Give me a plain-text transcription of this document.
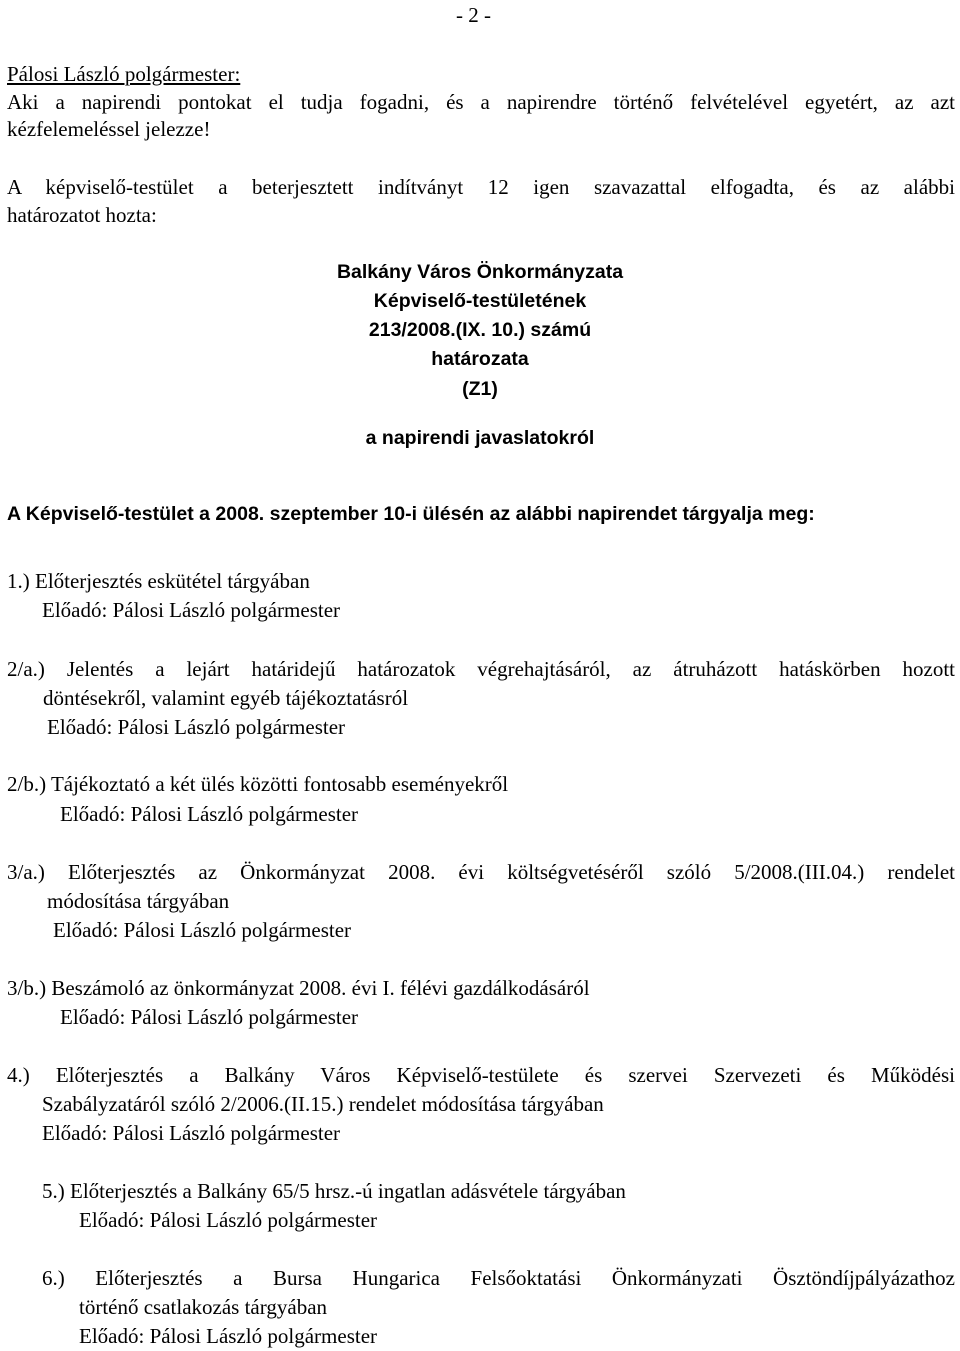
- 2 -
Pálosi László polgármester:
Aki a napirendi pontokat el tudja fogadni, és a napirendre történő felvételével egyetért, az azt
kézfelemeléssel jelezze!
A képviselő-testület a beterjesztett indítványt 12 igen szavazattal elfogadta, és az alábbi
határozatot hozta:
Balkány Város Önkormányzata
Képviselő-testületének
213/2008.(IX. 10.) számú
határozata
(Z1)
a napirendi javaslatokról
A Képviselő-testület a 2008. szeptember 10-i ülésén az alábbi napirendet tárgyalja meg:
1.) Előterjesztés eskütétel tárgyában
Előadó: Pálosi László polgármester
2/a.) Jelentés a lejárt határidejű határozatok végrehajtásáról, az átruházott hatáskörben hozott
döntésekről, valamint egyéb tájékoztatásról
Előadó: Pálosi László polgármester
2/b.) Tájékoztató a két ülés közötti fontosabb eseményekről
Előadó: Pálosi László polgármester
3/a.) Előterjesztés az Önkormányzat 2008. évi költségvetéséről szóló 5/2008.(III.04.) rendelet
módosítása tárgyában
Előadó: Pálosi László polgármester
3/b.) Beszámoló az önkormányzat 2008. évi I. félévi gazdálkodásáról
Előadó: Pálosi László polgármester
4.) Előterjesztés a Balkány Város Képviselő-testülete és szervei Szervezeti és Működési
Szabályzatáról szóló 2/2006.(II.15.) rendelet módosítása tárgyában
Előadó: Pálosi László polgármester
5.) Előterjesztés a Balkány 65/5 hrsz.-ú ingatlan adásvétele tárgyában
Előadó: Pálosi László polgármester
6.) Előterjesztés a Bursa Hungarica Felsőoktatási Önkormányzati Ösztöndíjpályázathoz
történő csatlakozás tárgyában
Előadó: Pálosi László polgármester
